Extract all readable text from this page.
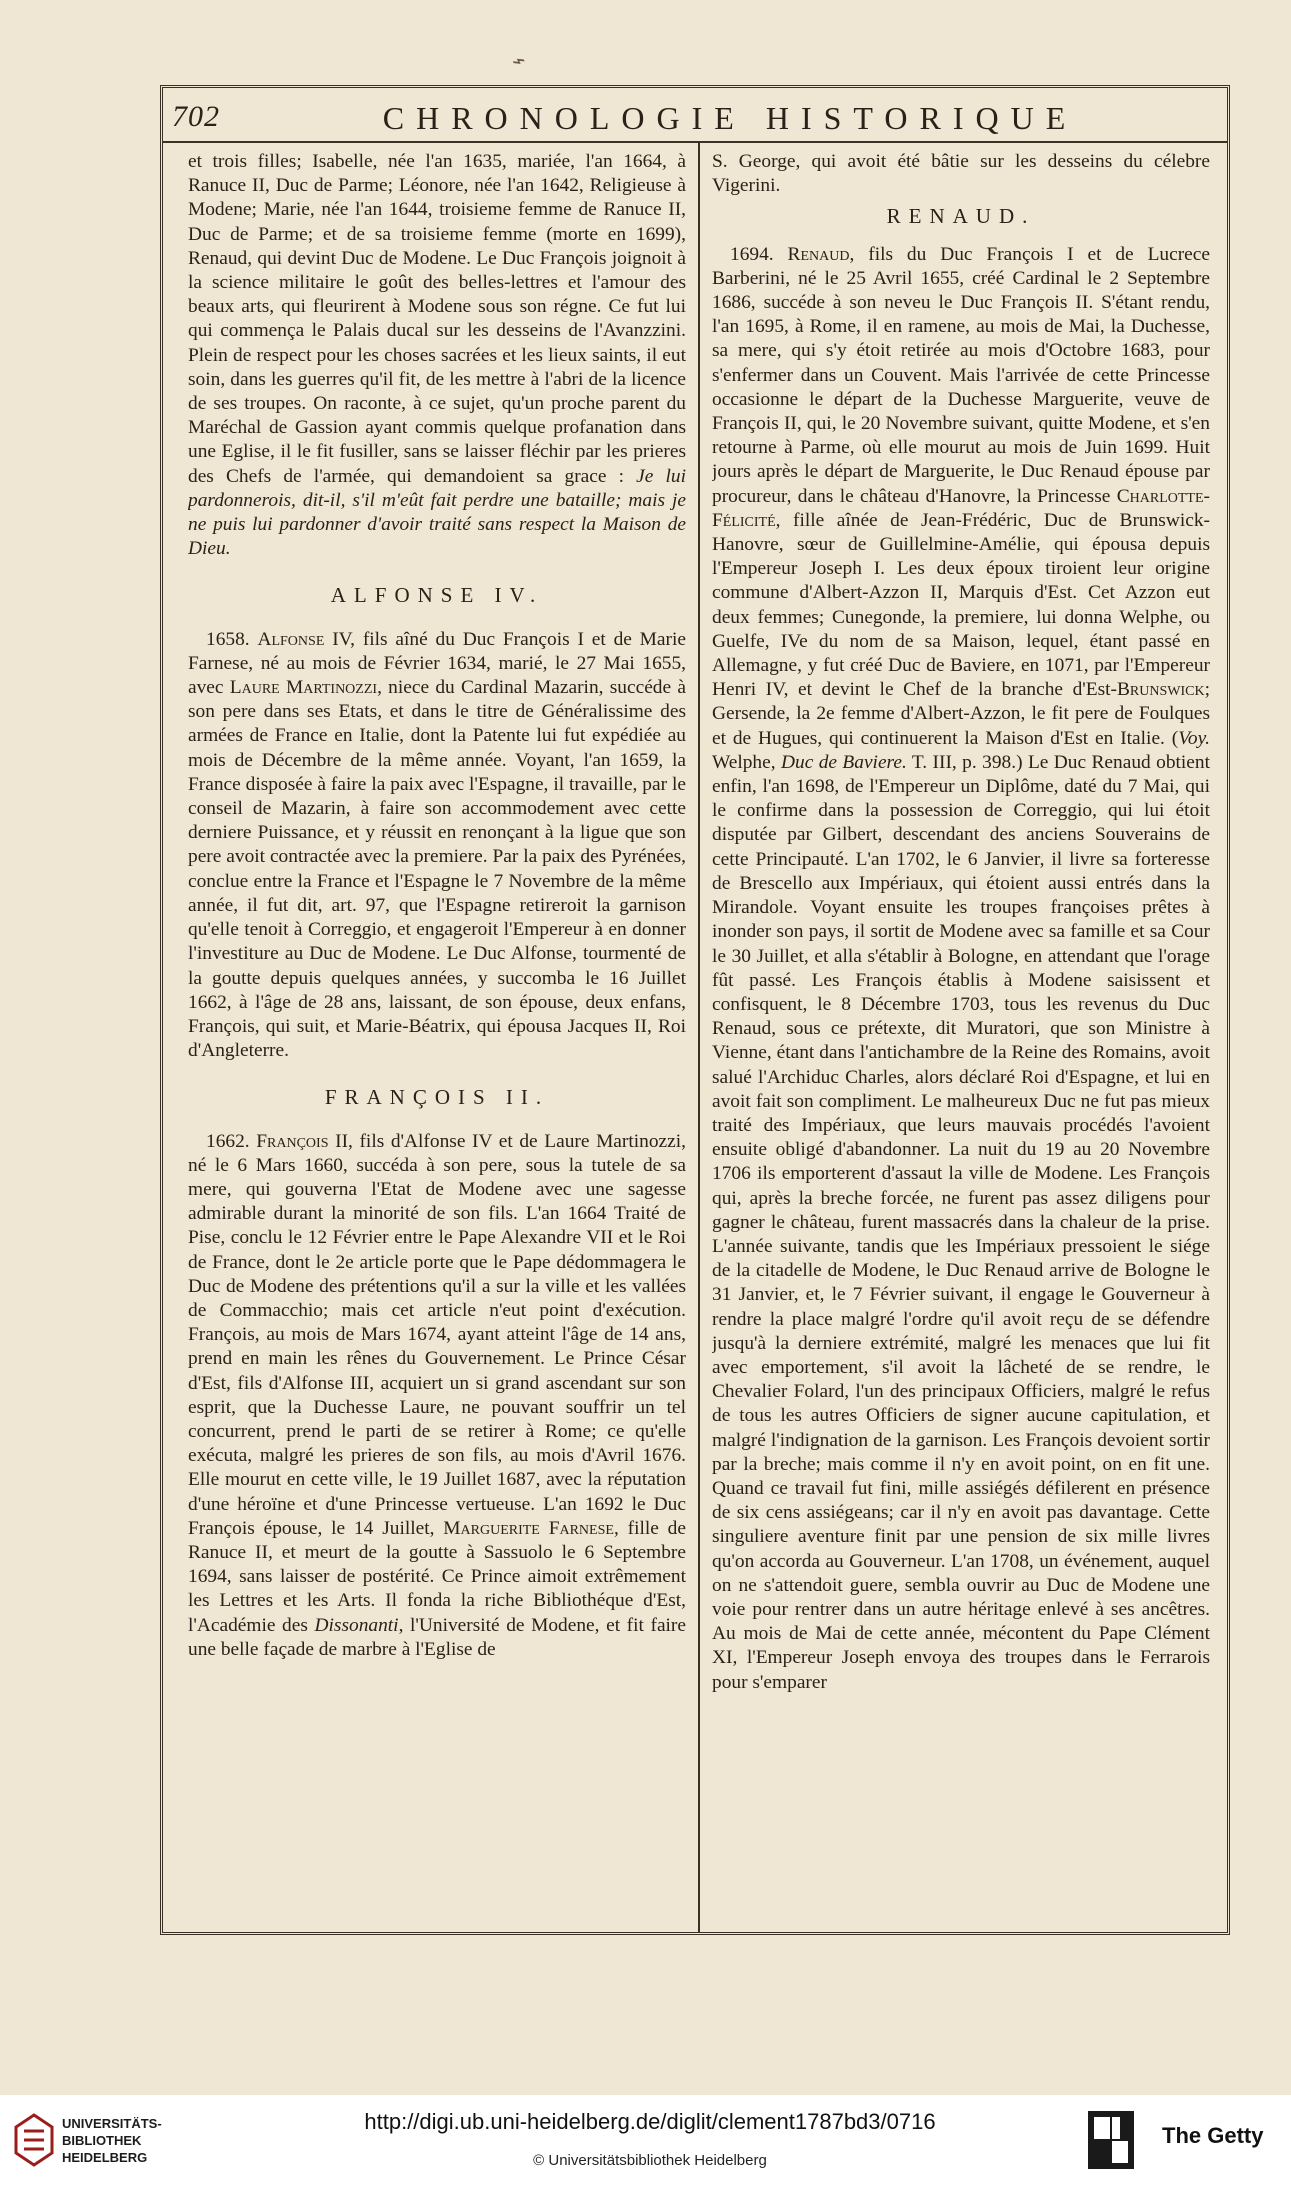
⌁
702	CHRONOLOGIE HISTORIQUE

et trois filles; Isabelle, née l'an 1635, mariée, l'an 1664, à Ranuce II, Duc de Parme; Léonore, née l'an 1642, Religieuse à Modene; Marie, née l'an 1644, troisieme femme de Ranuce II, Duc de Parme; et de sa troisieme femme (morte en 1699), Renaud, qui devint Duc de Modene. Le Duc François joignoit à la science militaire le goût des belles-lettres et l'amour des beaux arts, qui fleurirent à Modene sous son régne. Ce fut lui qui commença le Palais ducal sur les desseins de l'Avanzzini. Plein de respect pour les choses sacrées et les lieux saints, il eut soin, dans les guerres qu'il fit, de les mettre à l'abri de la licence de ses troupes. On raconte, à ce sujet, qu'un proche parent du Maréchal de Gassion ayant commis quelque profanation dans une Eglise, il le fit fusiller, sans se laisser fléchir par les prieres des Chefs de l'armée, qui demandoient sa grace : Je lui pardonnerois, dit-il, s'il m'eût fait perdre une bataille; mais je ne puis lui pardonner d'avoir traité sans respect la Maison de Dieu.

ALFONSE IV.

1658. Alfonse IV, fils aîné du Duc François I et de Marie Farnese, né au mois de Février 1634, marié, le 27 Mai 1655, avec Laure Martinozzi, niece du Cardinal Mazarin, succéde à son pere dans ses Etats, et dans le titre de Généralissime des armées de France en Italie, dont la Patente lui fut expédiée au mois de Décembre de la même année. Voyant, l'an 1659, la France disposée à faire la paix avec l'Espagne, il travaille, par le conseil de Mazarin, à faire son accommodement avec cette derniere Puissance, et y réussit en renonçant à la ligue que son pere avoit contractée avec la premiere. Par la paix des Pyrénées, conclue entre la France et l'Espagne le 7 Novembre de la même année, il fut dit, art. 97, que l'Espagne retireroit la garnison qu'elle tenoit à Correggio, et engageroit l'Empereur à en donner l'investiture au Duc de Modene. Le Duc Alfonse, tourmenté de la goutte depuis quelques années, y succomba le 16 Juillet 1662, à l'âge de 28 ans, laissant, de son épouse, deux enfans, François, qui suit, et Marie-Béatrix, qui épousa Jacques II, Roi d'Angleterre.

FRANÇOIS II.

1662. François II, fils d'Alfonse IV et de Laure Martinozzi, né le 6 Mars 1660, succéda à son pere, sous la tutele de sa mere, qui gouverna l'Etat de Modene avec une sagesse admirable durant la minorité de son fils. L'an 1664 Traité de Pise, conclu le 12 Février entre le Pape Alexandre VII et le Roi de France, dont le 2e article porte que le Pape dédommagera le Duc de Modene des prétentions qu'il a sur la ville et les vallées de Commacchio; mais cet article n'eut point d'exécution. François, au mois de Mars 1674, ayant atteint l'âge de 14 ans, prend en main les rênes du Gouvernement. Le Prince César d'Est, fils d'Alfonse III, acquiert un si grand ascendant sur son esprit, que la Duchesse Laure, ne pouvant souffrir un tel concurrent, prend le parti de se retirer à Rome; ce qu'elle exécuta, malgré les prieres de son fils, au mois d'Avril 1676. Elle mourut en cette ville, le 19 Juillet 1687, avec la réputation d'une héroïne et d'une Princesse vertueuse. L'an 1692 le Duc François épouse, le 14 Juillet, Marguerite Farnese, fille de Ranuce II, et meurt de la goutte à Sassuolo le 6 Septembre 1694, sans laisser de postérité. Ce Prince aimoit extrêmement les Lettres et les Arts. Il fonda la riche Bibliothéque d'Est, l'Académie des Dissonanti, l'Université de Modene, et fit faire une belle façade de marbre à l'Eglise de

S. George, qui avoit été bâtie sur les desseins du célebre Vigerini.

RENAUD.

1694. Renaud, fils du Duc François I et de Lucrece Barberini, né le 25 Avril 1655, créé Cardinal le 2 Septembre 1686, succéde à son neveu le Duc François II. S'étant rendu, l'an 1695, à Rome, il en ramene, au mois de Mai, la Duchesse, sa mere, qui s'y étoit retirée au mois d'Octobre 1683, pour s'enfermer dans un Couvent. Mais l'arrivée de cette Princesse occasionne le départ de la Duchesse Marguerite, veuve de François II, qui, le 20 Novembre suivant, quitte Modene, et s'en retourne à Parme, où elle mourut au mois de Juin 1699. Huit jours après le départ de Marguerite, le Duc Renaud épouse par procureur, dans le château d'Hanovre, la Princesse Charlotte-Félicité, fille aînée de Jean-Frédéric, Duc de Brunswick-Hanovre, sœur de Guillelmine-Amélie, qui épousa depuis l'Empereur Joseph I. Les deux époux tiroient leur origine commune d'Albert-Azzon II, Marquis d'Est. Cet Azzon eut deux femmes; Cunegonde, la premiere, lui donna Welphe, ou Guelfe, IVe du nom de sa Maison, lequel, étant passé en Allemagne, y fut créé Duc de Baviere, en 1071, par l'Empereur Henri IV, et devint le Chef de la branche d'Est-Brunswick; Gersende, la 2e femme d'Albert-Azzon, le fit pere de Foulques et de Hugues, qui continuerent la Maison d'Est en Italie. (Voy. Welphe, Duc de Baviere. T. III, p. 398.) Le Duc Renaud obtient enfin, l'an 1698, de l'Empereur un Diplôme, daté du 7 Mai, qui le confirme dans la possession de Correggio, qui lui étoit disputée par Gilbert, descendant des anciens Souverains de cette Principauté. L'an 1702, le 6 Janvier, il livre sa forteresse de Brescello aux Impériaux, qui étoient aussi entrés dans la Mirandole. Voyant ensuite les troupes françoises prêtes à inonder son pays, il sortit de Modene avec sa famille et sa Cour le 30 Juillet, et alla s'établir à Bologne, en attendant que l'orage fût passé. Les François établis à Modene saisissent et confisquent, le 8 Décembre 1703, tous les revenus du Duc Renaud, sous ce prétexte, dit Muratori, que son Ministre à Vienne, étant dans l'antichambre de la Reine des Romains, avoit salué l'Archiduc Charles, alors déclaré Roi d'Espagne, et lui en avoit fait son compliment. Le malheureux Duc ne fut pas mieux traité des Impériaux, que leurs mauvais procédés l'avoient ensuite obligé d'abandonner. La nuit du 19 au 20 Novembre 1706 ils emporterent d'assaut la ville de Modene. Les François qui, après la breche forcée, ne furent pas assez diligens pour gagner le château, furent massacrés dans la chaleur de la prise. L'année suivante, tandis que les Impériaux pressoient le siége de la citadelle de Modene, le Duc Renaud arrive de Bologne le 31 Janvier, et, le 7 Février suivant, il engage le Gouverneur à rendre la place malgré l'ordre qu'il avoit reçu de se défendre jusqu'à la derniere extrémité, malgré les menaces que lui fit avec emportement, s'il avoit la lâcheté de se rendre, le Chevalier Folard, l'un des principaux Officiers, malgré le refus de tous les autres Officiers de signer aucune capitulation, et malgré l'indignation de la garnison. Les François devoient sortir par la breche; mais comme il n'y en avoit point, on en fit une. Quand ce travail fut fini, mille assiégés défilerent en présence de six cens assiégeans; car il n'y en avoit pas davantage. Cette singuliere aventure finit par une pension de six mille livres qu'on accorda au Gouverneur. L'an 1708, un événement, auquel on ne s'attendoit guere, sembla ouvrir au Duc de Modene une voie pour rentrer dans un autre héritage enlevé à ses ancêtres. Au mois de Mai de cette année, mécontent du Pape Clément XI, l'Empereur Joseph envoya des troupes dans le Ferrarois pour s'emparer

UNIVERSITÄTS-
BIBLIOTHEK
HEIDELBERG
http://digi.ub.uni-heidelberg.de/diglit/clement1787bd3/0716
© Universitätsbibliothek Heidelberg
The Getty
